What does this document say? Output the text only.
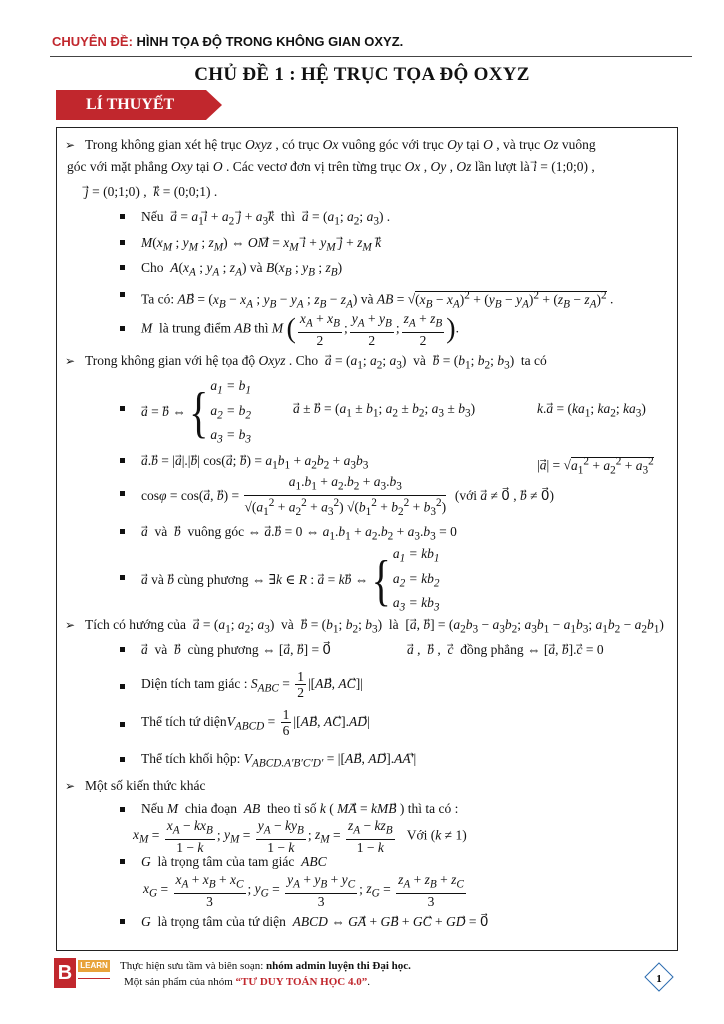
CHUYÊN ĐỀ: HÌNH TỌA ĐỘ TRONG KHÔNG GIAN OXYZ.
CHỦ ĐỀ 1 : HỆ TRỤC TỌA ĐỘ OXYZ
LÍ THUYẾT
➢ Trong không gian xét hệ trục Oxyz , có trục Ox vuông góc với trục Oy tại O , và trục Oz vuông
góc với mặt phẳng Oxy tại O . Các vectơ đơn vị trên từng trục Ox , Oy , Oz lần lượt là i⃗ = (1;0;0) ,
j⃗ = (0;1;0) ,  k⃗ = (0;0;1) .
Nếu  a⃗ = $a_1i⃗ + a_2$ j⃗ + $a_3k⃗$  thì  a⃗ = ($a_1$; $a_2$; $a_3$) .
$M(x_M$ ; $y_M$ ; $z_M$) ⇔ OM⃗ = $x_M$ i⃗ + $y_M$ j⃗ + $z_M$ k
Cho  $A(x_A$ ; $y_A$ ; $z_A$) và $B(x_B$ ; $y_B$ ; $z_B$)
Ta có: AB⃗ = ($x_B - x_A$ ; $y_B - y_A$ ; $z_B - z_A$) và AB = $√(x_B - x_A)^2 + (y_B - y_A)^2 + (z_B - z_A)^2$ .
M  là trung điểm AB thì M ( $\frac{x_A + x_B}{2}$ ; $\frac{y_A + y_B}{2}$ ; $\frac{z_A + z_B}{2}$ ).
➢ Trong không gian với hệ tọa độ Oxyz . Cho  a⃗ = ($a_1$; $a_2$; $a_3$)  và  b⃗ = ($b_1$; $b_2$; $b_3$)  ta có
a⃗ = b⃗ ⇔ { $a_1 = b_1$
$a_2 = b_2$
$a_3 = b_3$
a⃗ ± b⃗ = ($a_1 \pm b_1$; $a_2 \pm b_2$; $a_3 \pm b_3$)	k.a⃗ = ($ka_1$; $ka_2$; $ka_3$)
a⃗.b⃗ = |a⃗|.|b⃗| cos(a⃗; b⃗) = $a_1b_1 + a_2b_2 + a_3b_3$	|a⃗| = $√a_1^2 + a_2^2 + a_3^2$
cosφ = cos(a⃗, b⃗) = $\frac{a_1.b_1 + a_2.b_2 + a_3.b_3}{√(a_1^2 + a_2^2 + a_3^2) √(b_1^2 + b_2^2 + b_3^2)}$ (với a⃗ ≠ 0⃗ , b⃗ ≠ 0⃗)
a⃗  và  b⃗  vuông góc ⇔ a⃗.b⃗ = 0 ⇔ $a_1.b_1 + a_2.b_2 + a_3.b_3 = 0$
a⃗ và b⃗ cùng phương ⇔ ∃k ∈ R : a⃗ = kb⃗ ⇔ { $a_1 = kb_1$
$a_2 = kb_2$
$a_3 = kb_3$
➢ Tích có hướng của  a⃗ = ($a_1$; $a_2$; $a_3$)  và  b⃗ = ($b_1$; $b_2$; $b_3$)  là  [a⃗, b⃗] = ($a_2b_3 - a_3b_2$; $a_3b_1 - a_1b_3$; $a_1b_2 - a_2b_1$)
a⃗  và  b⃗  cùng phương ⇔ [a⃗, b⃗] = 0⃗	a⃗ ,  b⃗ ,  c⃗  đồng phẳng ⇔ [a⃗, b⃗].c⃗ = 0
Diện tích tam giác : $S_{ABC} = \frac{1}{2}$ |[AB⃗, AC⃗]|
Thể tích tứ diệnV$_{ABCD}$ = $\frac{1}{6}$ |[AB⃗, AC⃗].AD⃗|
Thể tích khối hộp: $V_{ABCD.A'B'C'D'}$ = |[AB⃗, AD⃗].AA′⃗|
➢ Một số kiến thức khác
Nếu M  chia đoạn  AB  theo tỉ số k ( MA⃗ = kMB⃗ ) thì ta có :
$x_M = \frac{x_A - kx_B}{1 - k}$ ; $y_M = \frac{y_A - ky_B}{1 - k}$ ; $z_M = \frac{z_A - kz_B}{1 - k}$ Với (k ≠ 1)
G  là trọng tâm của tam giác  ABC
$x_G = \frac{x_A + x_B + x_C}{3}$ ; $y_G = \frac{y_A + y_B + y_C}{3}$ ; $z_G = \frac{z_A + z_B + z_C}{3}$
G  là trọng tâm của tứ diện  ABCD ⇔ GA⃗ + GB⃗ + GC⃗ + GD⃗ = 0⃗
B	LEARN Thực hiện sưu tầm và biên soạn: nhóm admin luyện thi Đại học.
Một sản phẩm của nhóm “TƯ DUY TOÁN HỌC 4.0”.	1
